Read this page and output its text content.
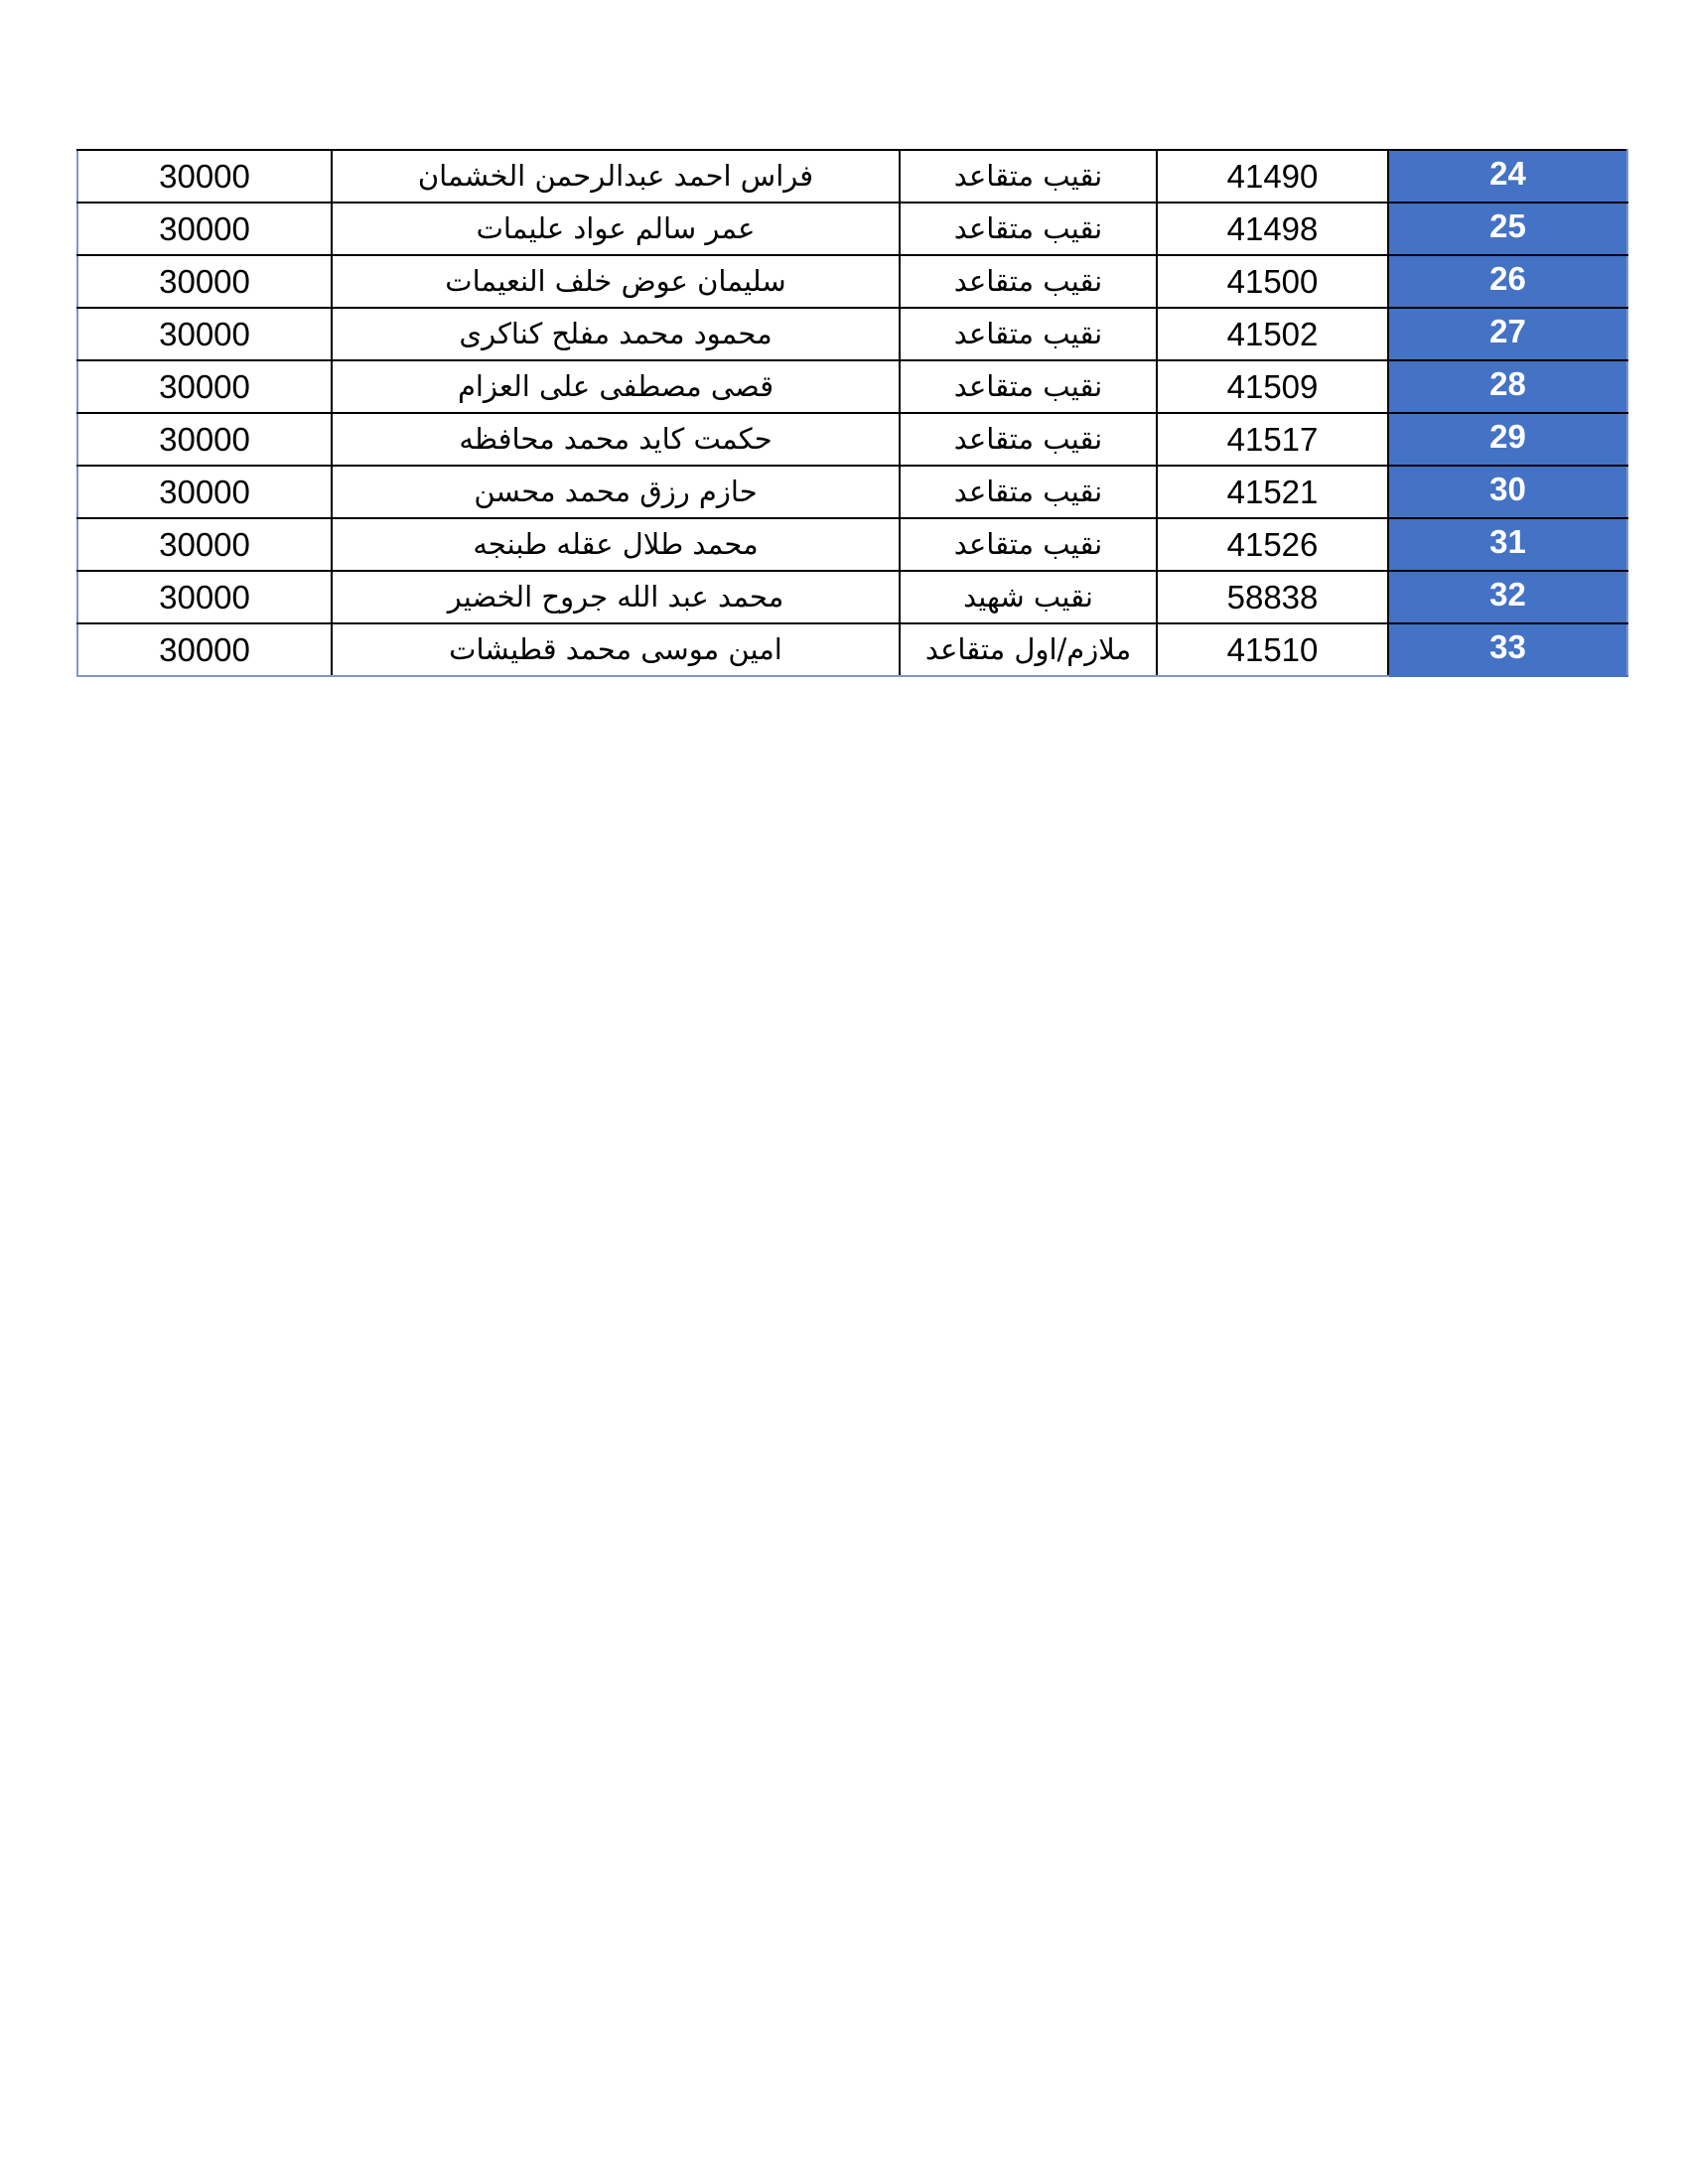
30000	فراس احمد عبدالرحمن الخشمان	نقيب متقاعد	41490	24
30000	عمر سالم عواد عليمات	نقيب متقاعد	41498	25
30000	سليمان عوض خلف النعيمات	نقيب متقاعد	41500	26
30000	محمود محمد مفلح كناكرى	نقيب متقاعد	41502	27
30000	قصى مصطفى على العزام	نقيب متقاعد	41509	28
30000	حكمت كايد محمد محافظه	نقيب متقاعد	41517	29
30000	حازم رزق محمد محسن	نقيب متقاعد	41521	30
30000	محمد طلال عقله طبنجه	نقيب متقاعد	41526	31
30000	محمد عبد الله جروح الخضير	نقيب شهيد	58838	32
30000	امين موسى محمد قطيشات	ملازم/اول متقاعد	41510	33
